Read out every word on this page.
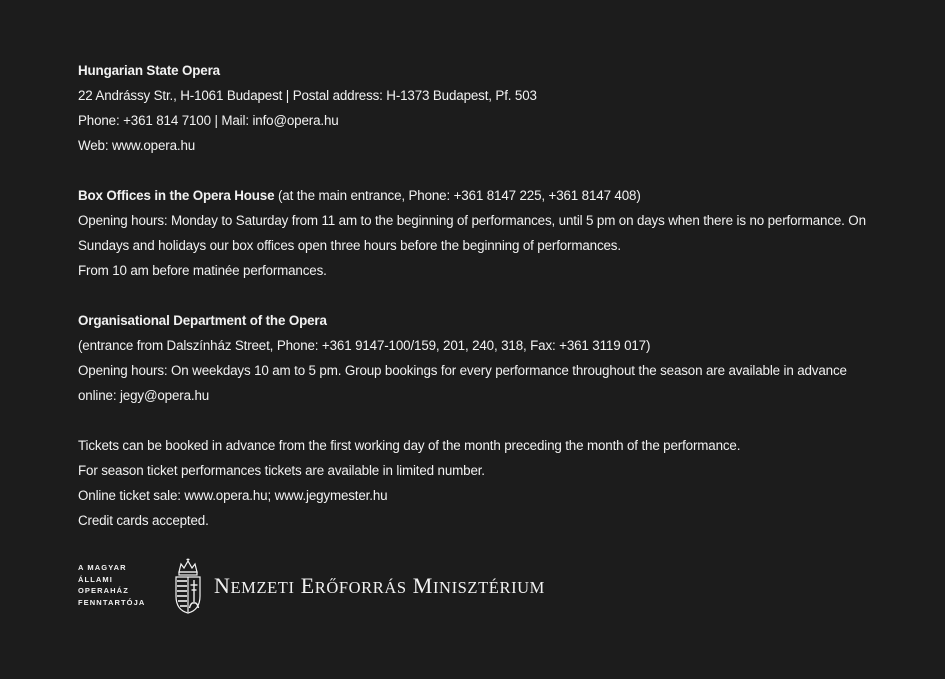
Hungarian State Opera
22 Andrássy Str., H-1061 Budapest | Postal address: H-1373 Budapest, Pf. 503
Phone: +361 814 7100 | Mail: info@opera.hu
Web: www.opera.hu
Box Offices in the Opera House (at the main entrance, Phone: +361 8147 225, +361 8147 408)
Opening hours: Monday to Saturday from 11 am to the beginning of performances, until 5 pm on days when there is no performance. On Sundays and holidays our box offices open three hours before the beginning of performances.
From 10 am before matinée performances.
Organisational Department of the Opera
(entrance from Dalszínház Street, Phone: +361 9147-100/159, 201, 240, 318, Fax: +361 3119 017)
Opening hours: On weekdays 10 am to 5 pm. Group bookings for every performance throughout the season are available in advance online: jegy@opera.hu
Tickets can be booked in advance from the first working day of the month preceding the month of the performance.
For season ticket performances tickets are available in limited number.
Online ticket sale: www.opera.hu; www.jegymester.hu
Credit cards accepted.
A MAGYAR
ÁLLAMI
OPERAHÁZ
FENNTARTÓJA
NEMZETI ERŐFORRÁS MINISZTÉRIUM
